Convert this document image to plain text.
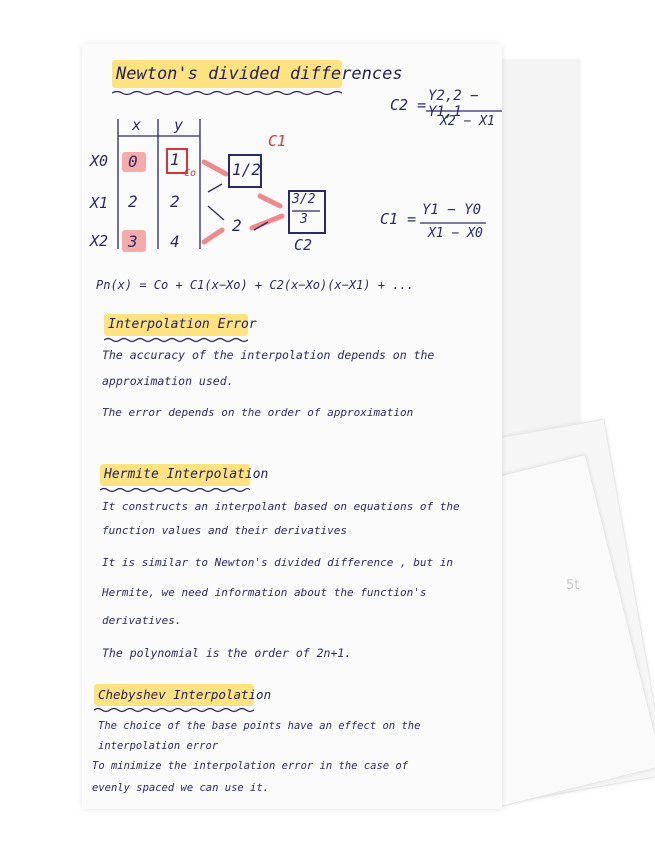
5t
Newton's divided differences
x y
X0
X1
X2
0
2
3
1
Co
2
4
1/2
C1
2
3/2
3
C2
C2 = Y2,2 − Y1,1
X2 − X1
C1 = Y1 − Y0
X1 − X0
Pn(x) = Co + C1(x−Xo) + C2(x−Xo)(x−X1) + ...
Interpolation Error
The accuracy of the interpolation depends on the
approximation used.
The error depends on the order of approximation
Hermite Interpolation
It constructs an interpolant based on equations of the
function values and their derivatives
It is similar to Newton's divided difference , but in
Hermite, we need information about the function's
derivatives.
The polynomial is the order of 2n+1.
Chebyshev Interpolation
The choice of the base points have an effect on the
interpolation error
To minimize the interpolation error in the case of
evenly spaced we can use it.
